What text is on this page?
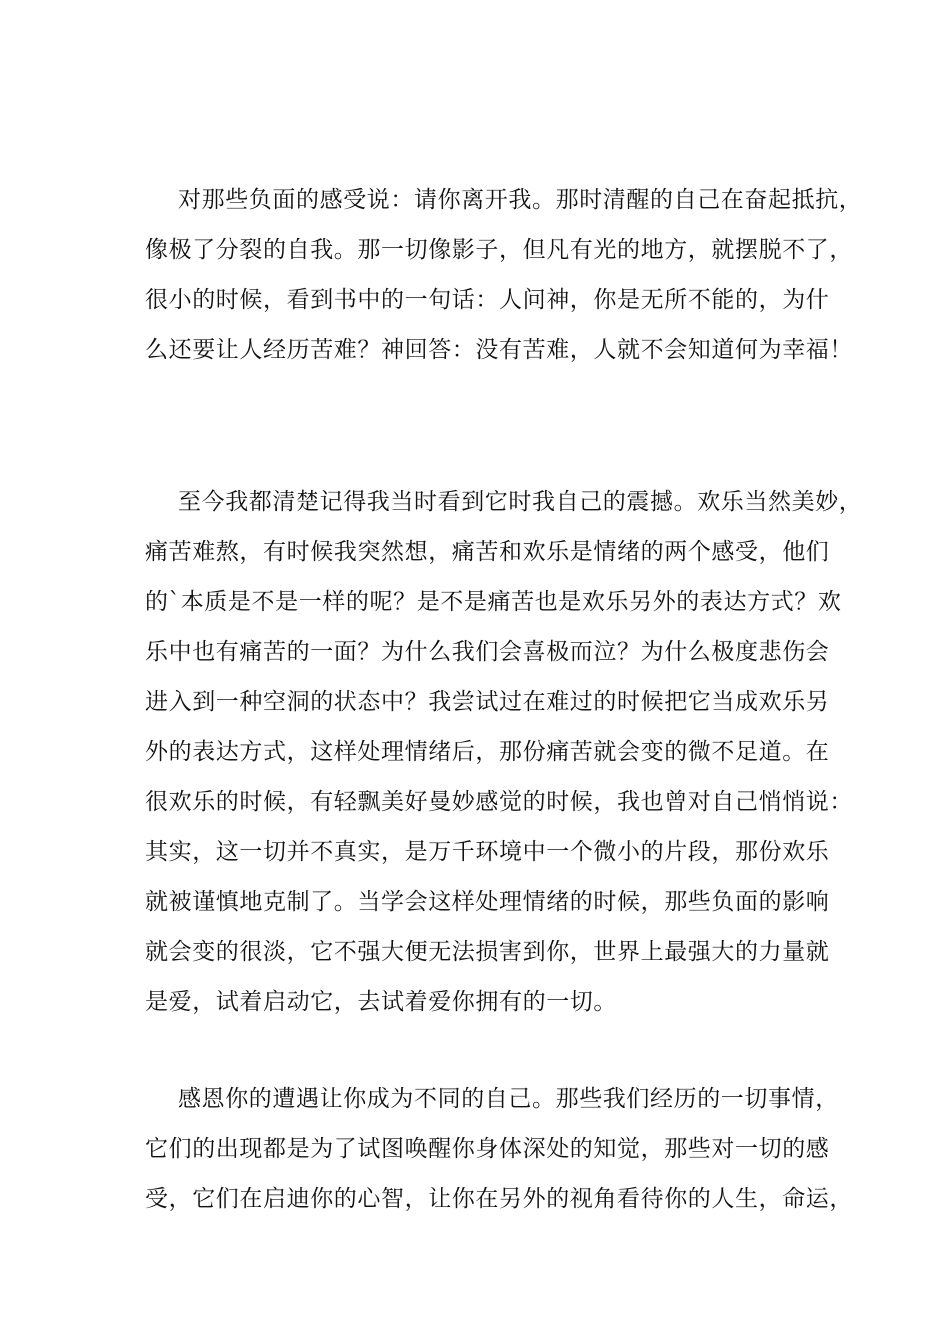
对那些负面的感受说：请你离开我。那时清醒的自己在奋起抵抗，
像极了分裂的自我。那一切像影子，但凡有光的地方，就摆脱不了，
很小的时候，看到书中的一句话：人问神，你是无所不能的，为什
么还要让人经历苦难？神回答：没有苦难，人就不会知道何为幸福！
至今我都清楚记得我当时看到它时我自己的震撼。欢乐当然美妙，
痛苦难熬，有时候我突然想，痛苦和欢乐是情绪的两个感受，他们
的`本质是不是一样的呢？是不是痛苦也是欢乐另外的表达方式？欢
乐中也有痛苦的一面？为什么我们会喜极而泣？为什么极度悲伤会
进入到一种空洞的状态中？我尝试过在难过的时候把它当成欢乐另
外的表达方式，这样处理情绪后，那份痛苦就会变的微不足道。在
很欢乐的时候，有轻飘美好曼妙感觉的时候，我也曾对自己悄悄说：
其实，这一切并不真实，是万千环境中一个微小的片段，那份欢乐
就被谨慎地克制了。当学会这样处理情绪的时候，那些负面的影响
就会变的很淡，它不强大便无法损害到你，世界上最强大的力量就
是爱，试着启动它，去试着爱你拥有的一切。
感恩你的遭遇让你成为不同的自己。那些我们经历的一切事情，
它们的出现都是为了试图唤醒你身体深处的知觉，那些对一切的感
受，它们在启迪你的心智，让你在另外的视角看待你的人生，命运，
